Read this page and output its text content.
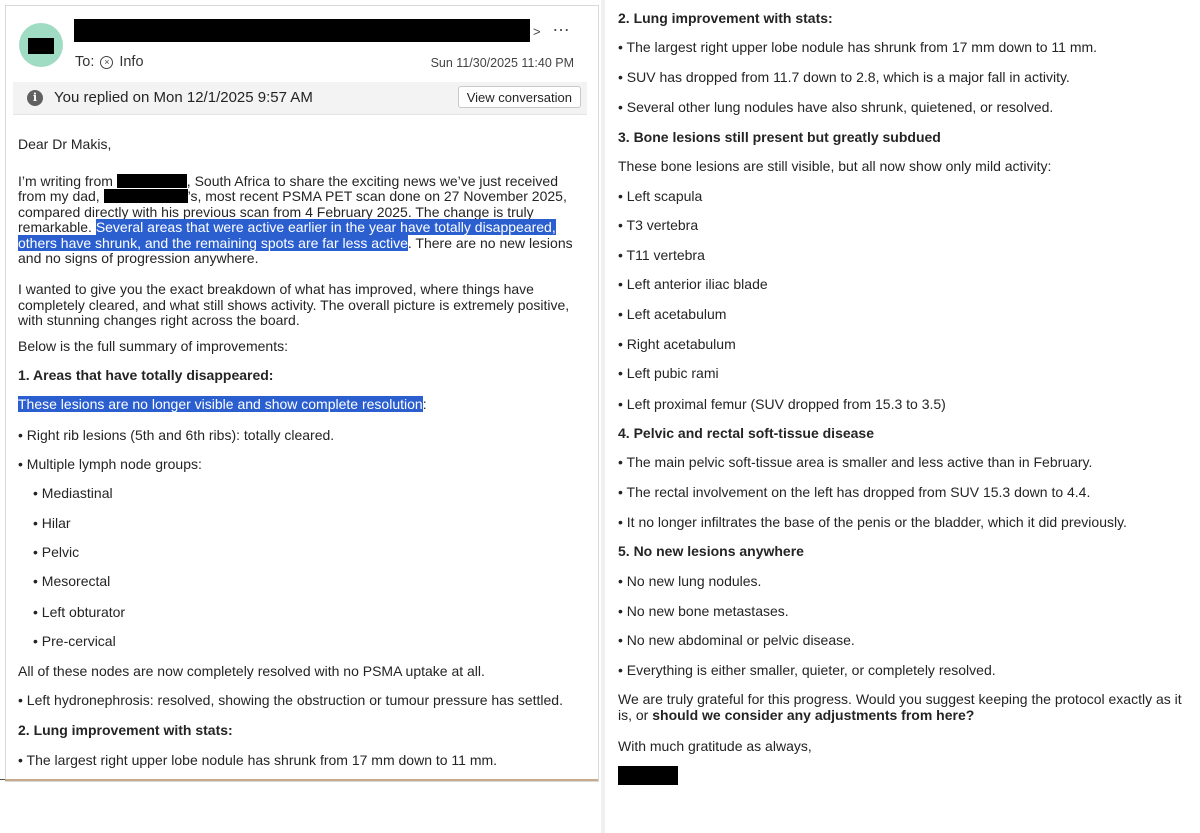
> …
To:	× Info	Sun 11/30/2025 11:40 PM
i	You replied on Mon 12/1/2025 9:57 AM	View conversation

Dear Dr Makis,

I’m writing from	, South Africa to share the exciting news we’ve just received from my dad,	’s, most recent PSMA PET scan done on 27 November 2025, compared directly with his previous scan from 4 February 2025. The change is truly remarkable. Several areas that were active earlier in the year have totally disappeared, others have shrunk, and the remaining spots are far less active. There are no new lesions and no signs of progression anywhere.

I wanted to give you the exact breakdown of what has improved, where things have completely cleared, and what still shows activity. The overall picture is extremely positive, with stunning changes right across the board.
Below is the full summary of improvements:
1. Areas that have totally disappeared:
These lesions are no longer visible and show complete resolution:
• Right rib lesions (5th and 6th ribs): totally cleared.
• Multiple lymph node groups:
• Mediastinal
• Hilar
• Pelvic
• Mesorectal
• Left obturator
• Pre-cervical
All of these nodes are now completely resolved with no PSMA uptake at all.
• Left hydronephrosis: resolved, showing the obstruction or tumour pressure has settled.
2. Lung improvement with stats:
• The largest right upper lobe nodule has shrunk from 17 mm down to 11 mm.
2. Lung improvement with stats:
• The largest right upper lobe nodule has shrunk from 17 mm down to 11 mm.
• SUV has dropped from 11.7 down to 2.8, which is a major fall in activity.
• Several other lung nodules have also shrunk, quietened, or resolved.
3. Bone lesions still present but greatly subdued
These bone lesions are still visible, but all now show only mild activity:
• Left scapula
• T3 vertebra
• T11 vertebra
• Left anterior iliac blade
• Left acetabulum
• Right acetabulum
• Left pubic rami
• Left proximal femur (SUV dropped from 15.3 to 3.5)
4. Pelvic and rectal soft-tissue disease
• The main pelvic soft-tissue area is smaller and less active than in February.
• The rectal involvement on the left has dropped from SUV 15.3 down to 4.4.
• It no longer infiltrates the base of the penis or the bladder, which it did previously.
5. No new lesions anywhere
• No new lung nodules.
• No new bone metastases.
• No new abdominal or pelvic disease.
• Everything is either smaller, quieter, or completely resolved.
We are truly grateful for this progress. Would you suggest keeping the protocol exactly as it is, or should we consider any adjustments from here?
With much gratitude as always,
